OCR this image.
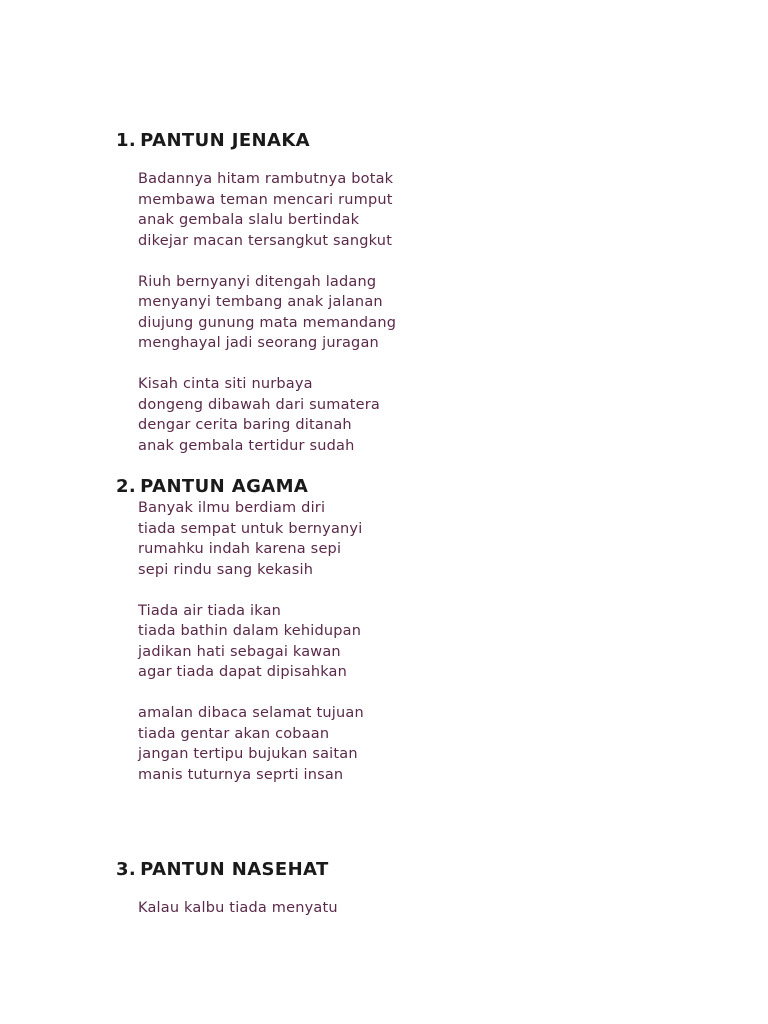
1. PANTUN JENAKA
Badannya hitam rambutnya botak
membawa teman mencari rumput
anak gembala slalu bertindak
dikejar macan tersangkut sangkut
Riuh bernyanyi ditengah ladang
menyanyi tembang anak jalanan
diujung gunung mata memandang
menghayal jadi seorang juragan
Kisah cinta siti nurbaya
dongeng dibawah dari sumatera
dengar cerita baring ditanah
anak gembala tertidur sudah
2. PANTUN AGAMA
Banyak ilmu berdiam diri
tiada sempat untuk bernyanyi
rumahku indah karena sepi
sepi rindu sang kekasih
Tiada air tiada ikan
tiada bathin dalam kehidupan
jadikan hati sebagai kawan
agar tiada dapat dipisahkan
amalan dibaca selamat tujuan
tiada gentar akan cobaan
jangan tertipu bujukan saitan
manis tuturnya seprti insan
3. PANTUN NASEHAT
Kalau kalbu tiada menyatu
